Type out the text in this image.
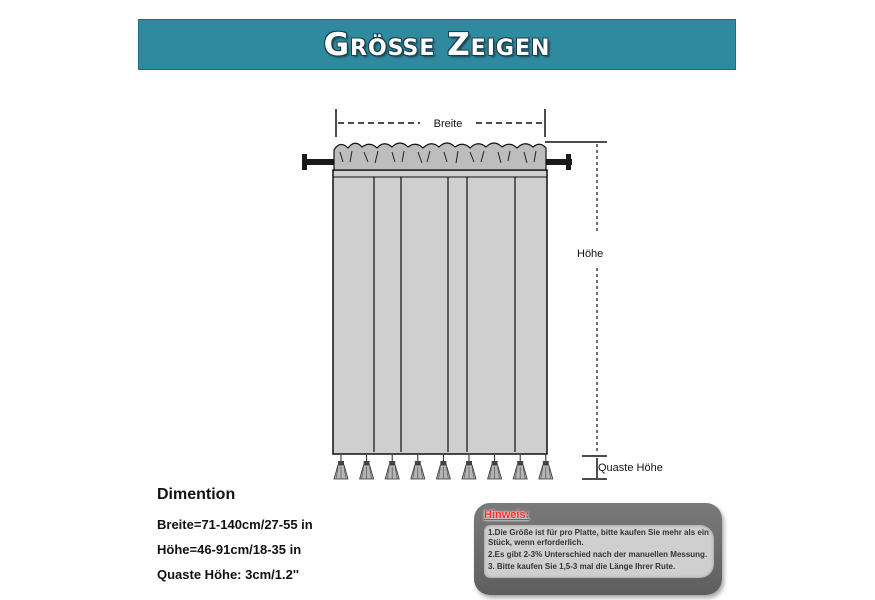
Größe Zeigen
Breite
Höhe
Quaste Höhe
Dimention
Breite=71-140cm/27-55 in
Höhe=46-91cm/18-35 in
Quaste Höhe: 3cm/1.2''
Hinweis:
1.Die Größe ist für pro Platte, bitte kaufen Sie mehr als ein Stück, wenn erforderlich.
2.Es gibt 2-3% Unterschied nach der manuellen Messung.
3. Bitte kaufen Sie 1,5-3 mal die Länge Ihrer Rute.
